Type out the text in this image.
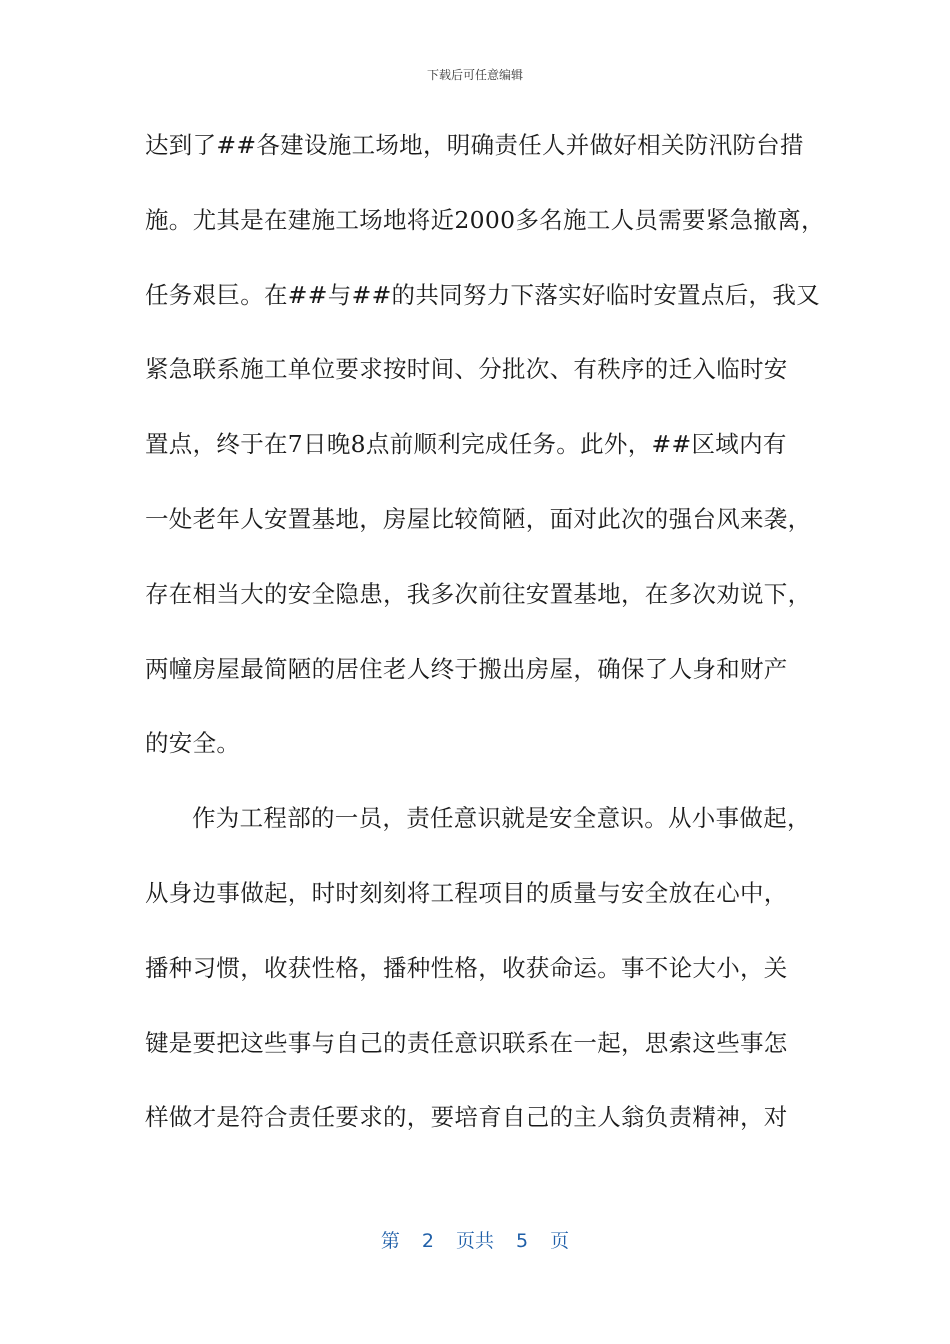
下载后可任意编辑
达到了##各建设施工场地，明确责任人并做好相关防汛防台措
施。尤其是在建施工场地将近2000多名施工人员需要紧急撤离，
任务艰巨。在##与##的共同努力下落实好临时安置点后，我又
紧急联系施工单位要求按时间、分批次、有秩序的迁入临时安
置点，终于在7日晚8点前顺利完成任务。此外，##区域内有
一处老年人安置基地，房屋比较简陋，面对此次的强台风来袭，
存在相当大的安全隐患，我多次前往安置基地，在多次劝说下，
两幢房屋最简陋的居住老人终于搬出房屋，确保了人身和财产
的安全。
作为工程部的一员，责任意识就是安全意识。从小事做起，
从身边事做起，时时刻刻将工程项目的质量与安全放在心中，
播种习惯，收获性格，播种性格，收获命运。事不论大小，关
键是要把这些事与自己的责任意识联系在一起，思索这些事怎
样做才是符合责任要求的，要培育自己的主人翁负责精神，对
第 2 页共 5 页
